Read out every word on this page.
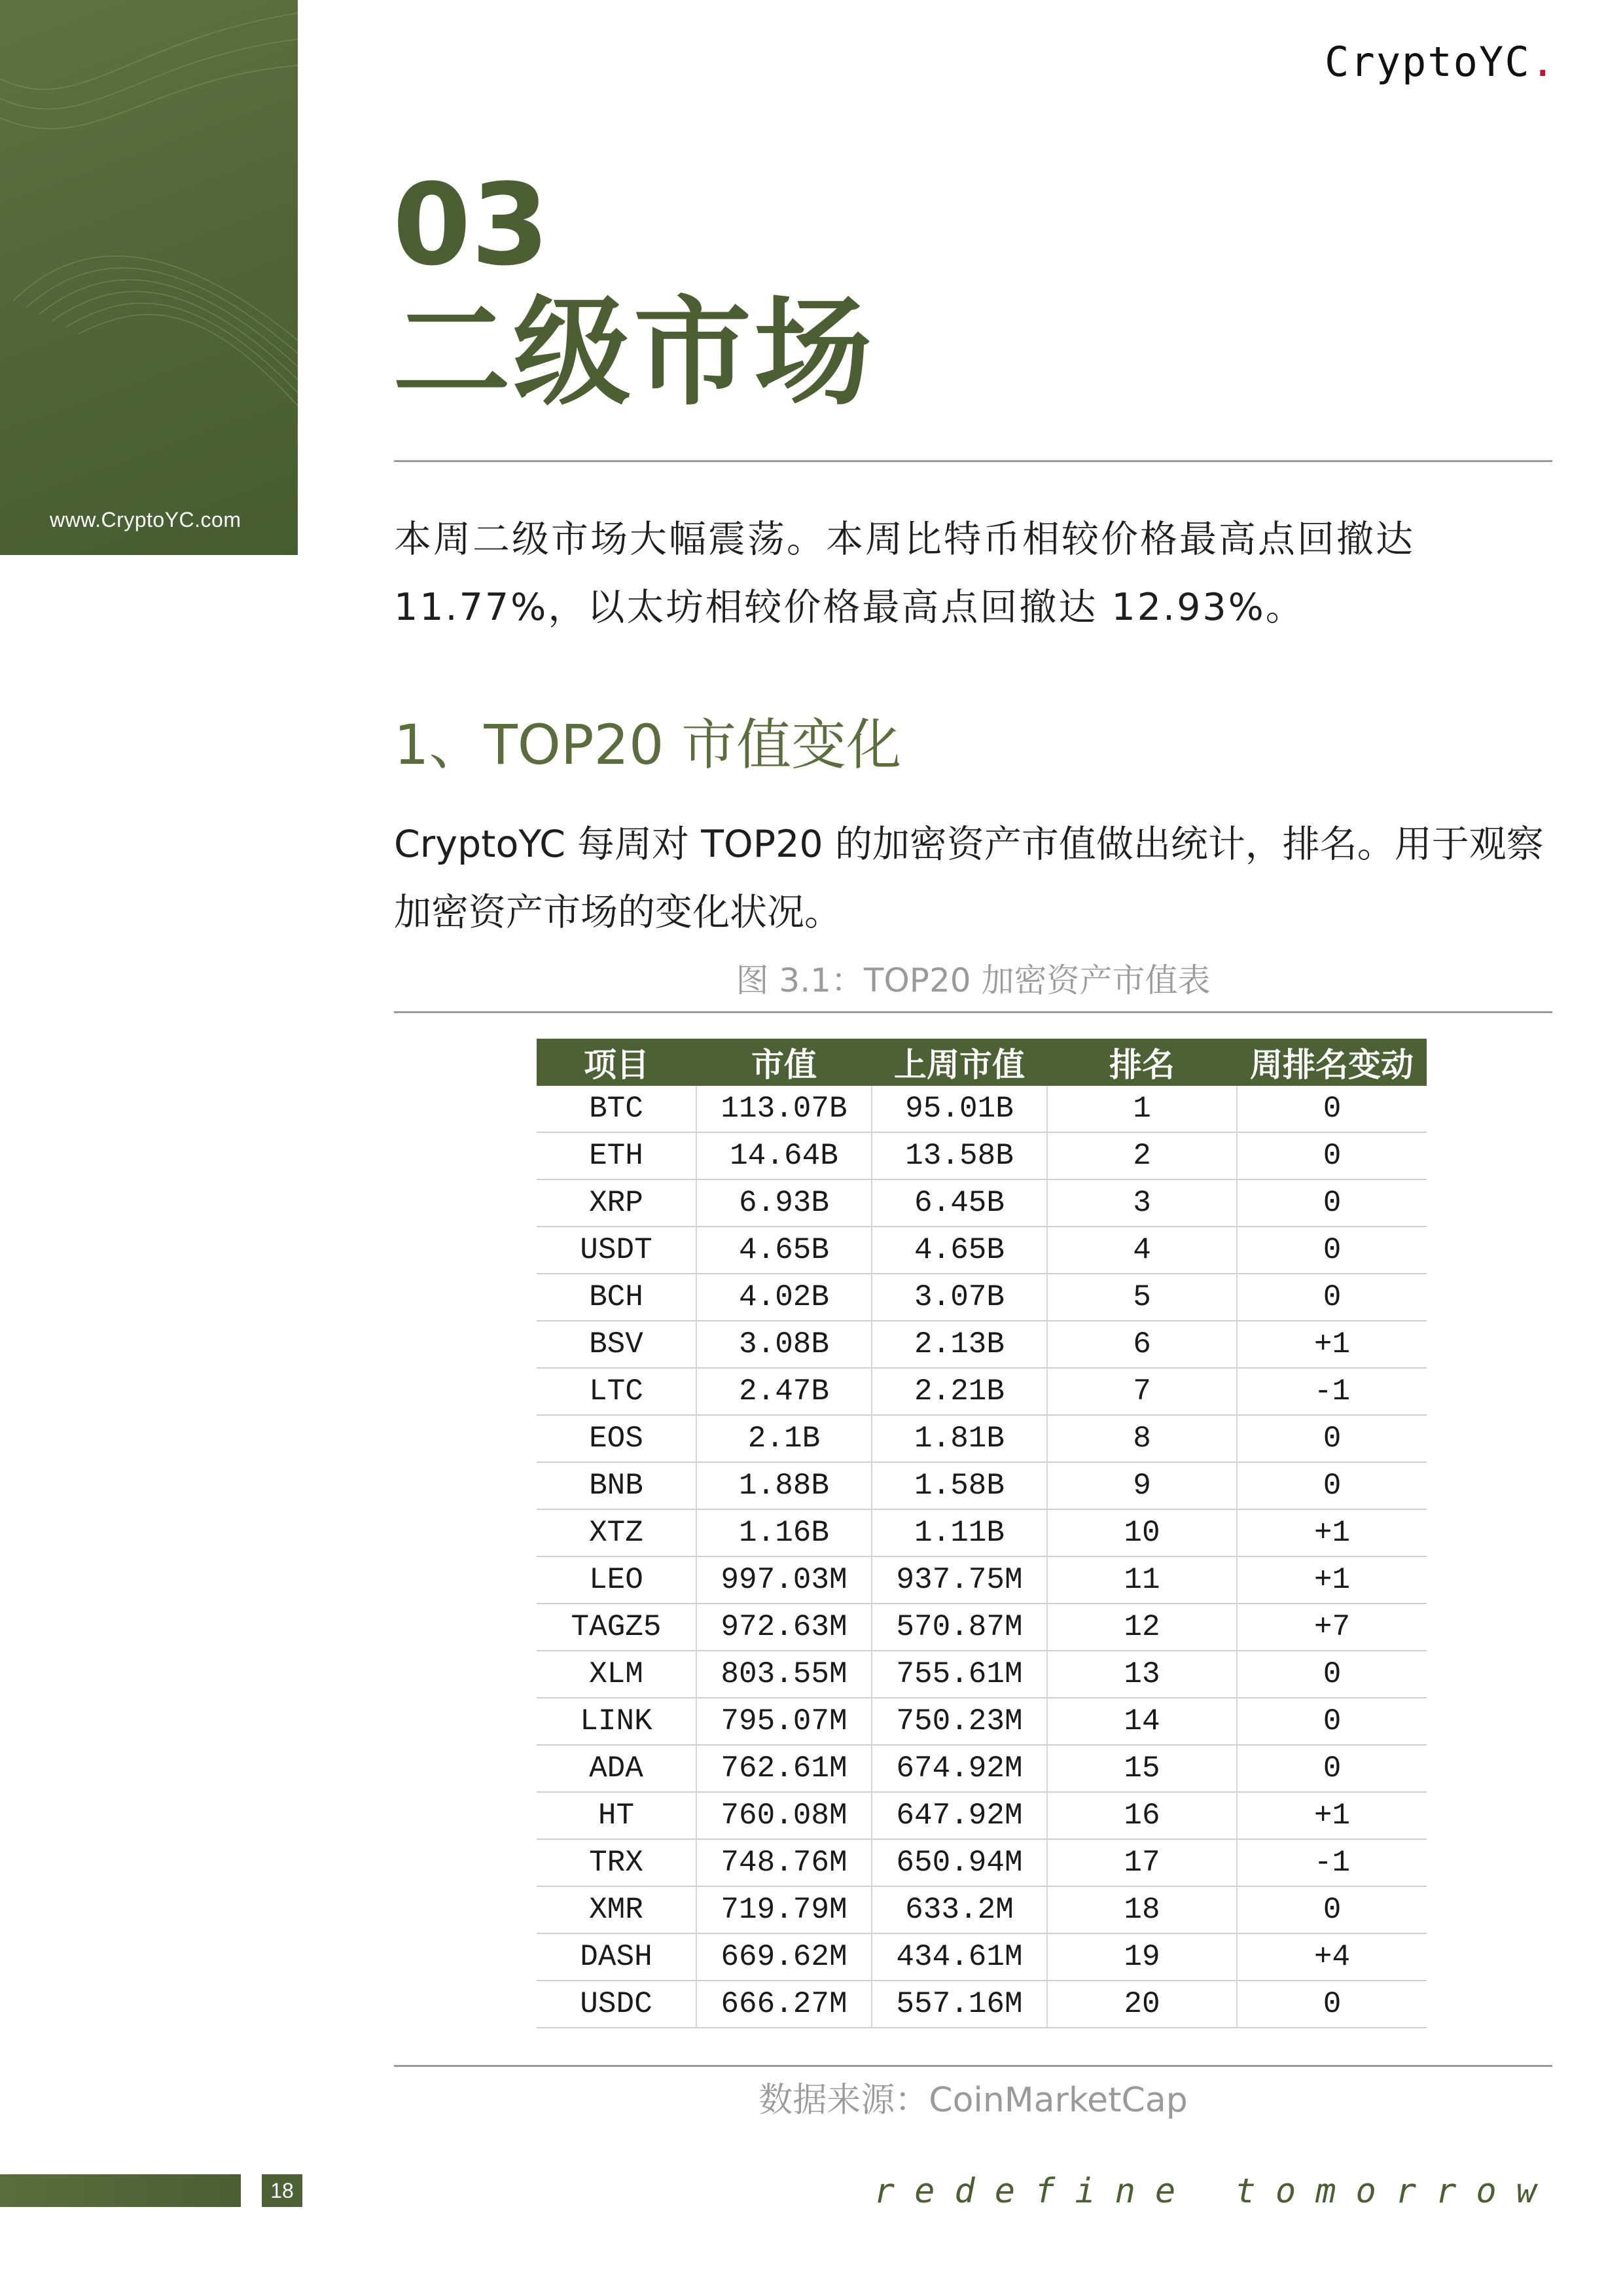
www.CryptoYC.com
CryptoYC.
03
二级市场
本周二级市场大幅震荡。本周比特币相较价格最高点回撤达 11.77%，以太坊相较价格最高点回撤达 12.93%。
1、TOP20 市值变化
CryptoYC 每周对 TOP20 的加密资产市值做出统计，排名。用于观察加密资产市场的变化状况。
图 3.1：TOP20 加密资产市值表
项目	市值	上周市值	排名	周排名变动
BTC	113.07B	95.01B	1	0
ETH	14.64B	13.58B	2	0
XRP	6.93B	6.45B	3	0
USDT	4.65B	4.65B	4	0
BCH	4.02B	3.07B	5	0
BSV	3.08B	2.13B	6	+1
LTC	2.47B	2.21B	7	-1
EOS	2.1B	1.81B	8	0
BNB	1.88B	1.58B	9	0
XTZ	1.16B	1.11B	10	+1
LEO	997.03M	937.75M	11	+1
TAGZ5	972.63M	570.87M	12	+7
XLM	803.55M	755.61M	13	0
LINK	795.07M	750.23M	14	0
ADA	762.61M	674.92M	15	0
HT	760.08M	647.92M	16	+1
TRX	748.76M	650.94M	17	-1
XMR	719.79M	633.2M	18	0
DASH	669.62M	434.61M	19	+4
USDC	666.27M	557.16M	20	0
数据来源：CoinMarketCap
18	redefine tomorrow
